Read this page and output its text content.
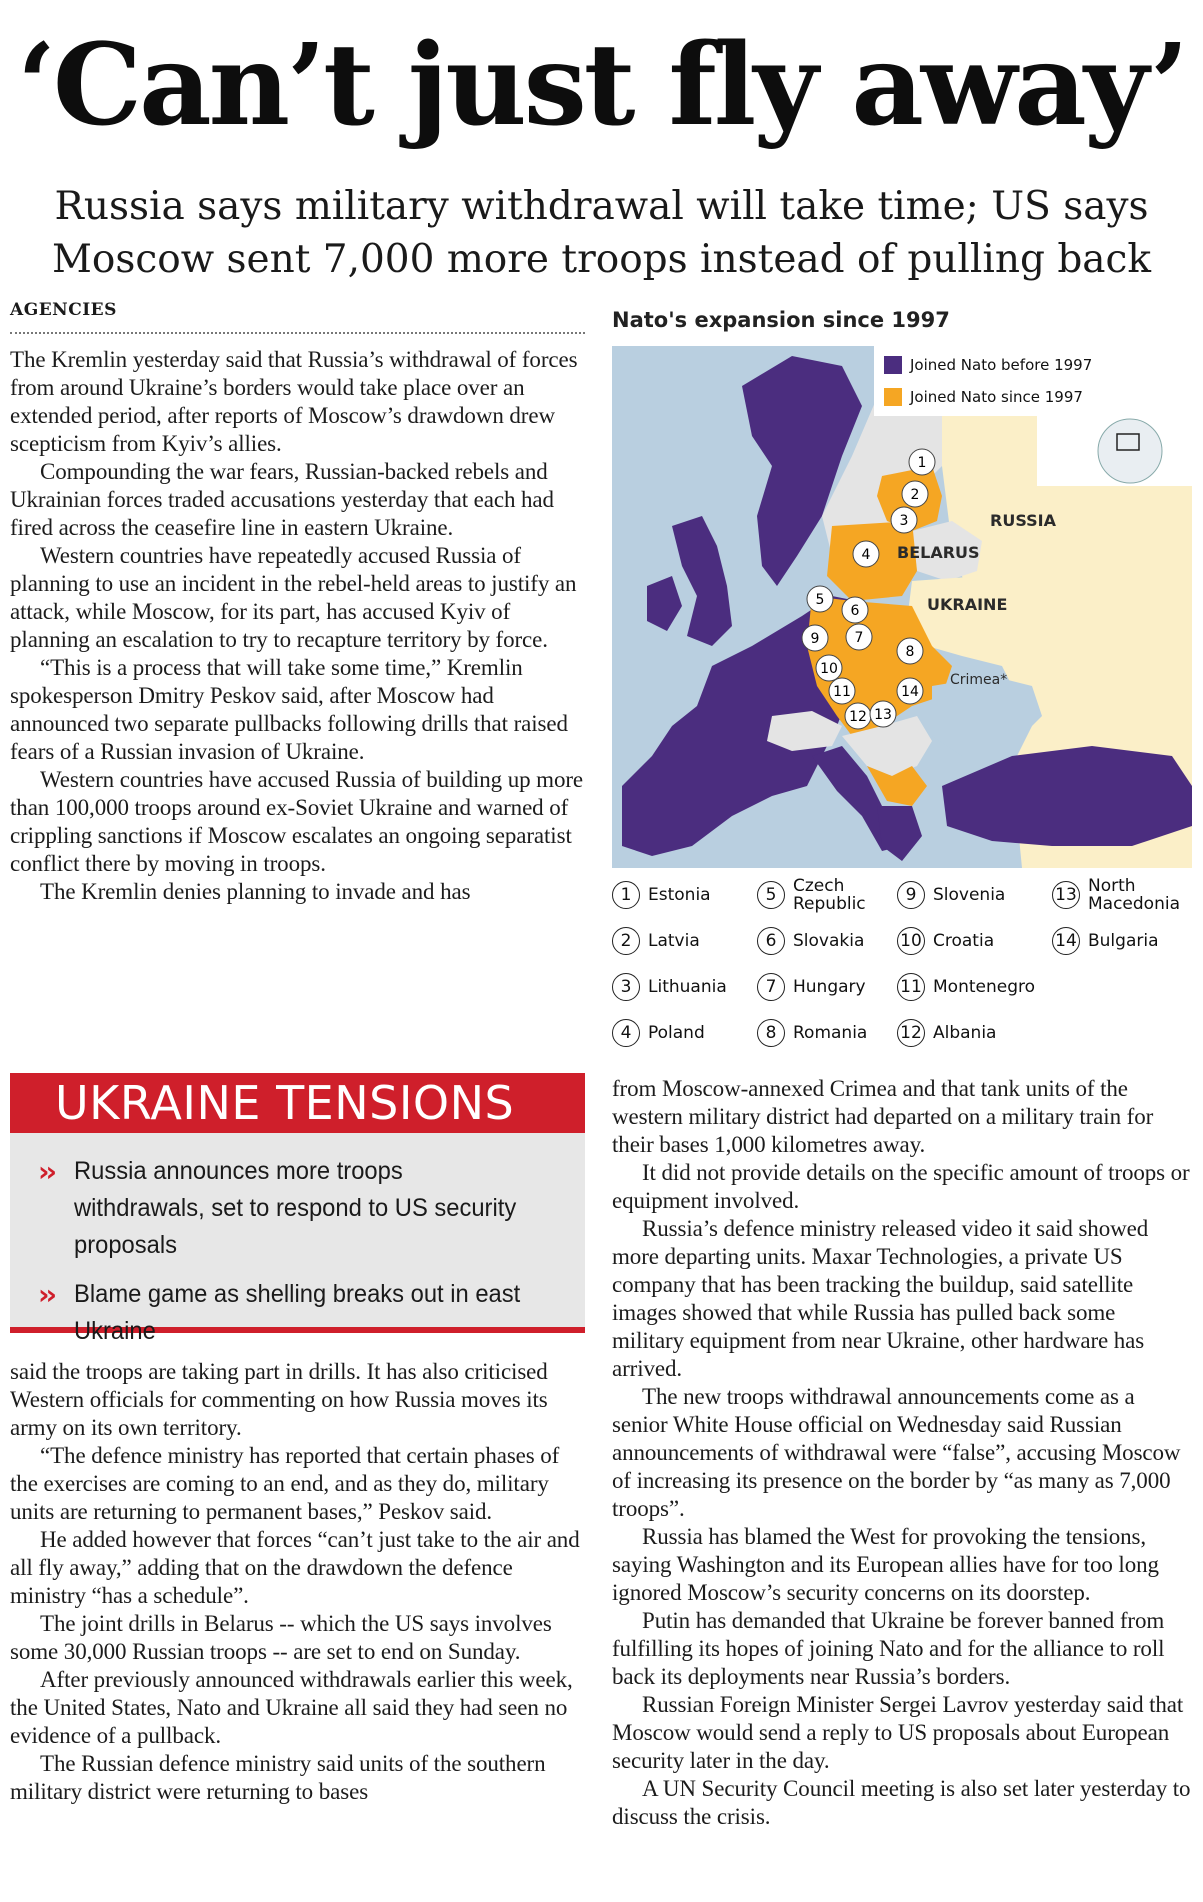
‘Can’t just fly away’
Russia says military withdrawal will take time; US says
Moscow sent 7,000 more troops instead of pulling back
AGENCIES

The Kremlin yesterday said that Russia’s withdrawal of forces from around Ukraine’s borders would take place over an extended period, after reports of Moscow’s drawdown drew scepticism from Kyiv’s allies.

Compounding the war fears, Russian-backed rebels and Ukrainian forces traded accusations yesterday that each had fired across the ceasefire line in eastern Ukraine.

Western countries have repeatedly accused Russia of planning to use an incident in the rebel-held areas to justify an attack, while Moscow, for its part, has accused Kyiv of planning an escalation to try to recapture territory by force.

“This is a process that will take some time,” Kremlin spokesperson Dmitry Peskov said, after Moscow had announced two separate pullbacks following drills that raised fears of a Russian invasion of Ukraine.

Western countries have accused Russia of building up more than 100,000 troops around ex-Soviet Ukraine and warned of crippling sanctions if Moscow escalates an ongoing separatist conflict there by moving in troops.

The Kremlin denies planning to invade and has

UKRAINE TENSIONS
›› Russia announces more troops withdrawals, set to respond to US security proposals
›› Blame game as shelling breaks out in east Ukraine

said the troops are taking part in drills. It has also criticised Western officials for commenting on how Russia moves its army on its own territory.

“The defence ministry has reported that certain phases of the exercises are coming to an end, and as they do, military units are returning to permanent bases,” Peskov said.

He added however that forces “can’t just take to the air and all fly away,” adding that on the drawdown the defence ministry “has a schedule”.

The joint drills in Belarus -- which the US says involves some 30,000 Russian troops -- are set to end on Sunday.

After previously announced withdrawals earlier this week, the United States, Nato and Ukraine all said they had seen no evidence of a pullback.

The Russian defence ministry said units of the southern military district were returning to bases

from Moscow-annexed Crimea and that tank units of the western military district had departed on a military train for their bases 1,000 kilometres away.

It did not provide details on the specific amount of troops or equipment involved.

Russia’s defence ministry released video it said showed more departing units. Maxar Technologies, a private US company that has been tracking the buildup, said satellite images showed that while Russia has pulled back some military equipment from near Ukraine, other hardware has arrived.

The new troops withdrawal announcements come as a senior White House official on Wednesday said Russian announcements of withdrawal were “false”, accusing Moscow of increasing its presence on the border by “as many as 7,000 troops”.

Russia has blamed the West for provoking the tensions, saying Washington and its European allies have for too long ignored Moscow’s security concerns on its doorstep.

Putin has demanded that Ukraine be forever banned from fulfilling its hopes of joining Nato and for the alliance to roll back its deployments near Russia’s borders.

Russian Foreign Minister Sergei Lavrov yesterday said that Moscow would send a reply to US proposals about European security later in the day.

A UN Security Council meeting is also set later yesterday to discuss the crisis.

Nato's expansion since 1997
Joined Nato before 1997
Joined Nato since 1997
RUSSIA
BELARUS
UKRAINE
Crimea*
1
2
3
4
5
6
7
8
9
10
11
12 13
14
1 Estonia	5 Czech Republic	9 Slovenia	13 North Macedonia
2 Latvia	6 Slovakia 10 Croatia	14 Bulgaria
3 Lithuania	7 Hungary 11 Montenegro
4 Poland	8 Romania 12 Albania
